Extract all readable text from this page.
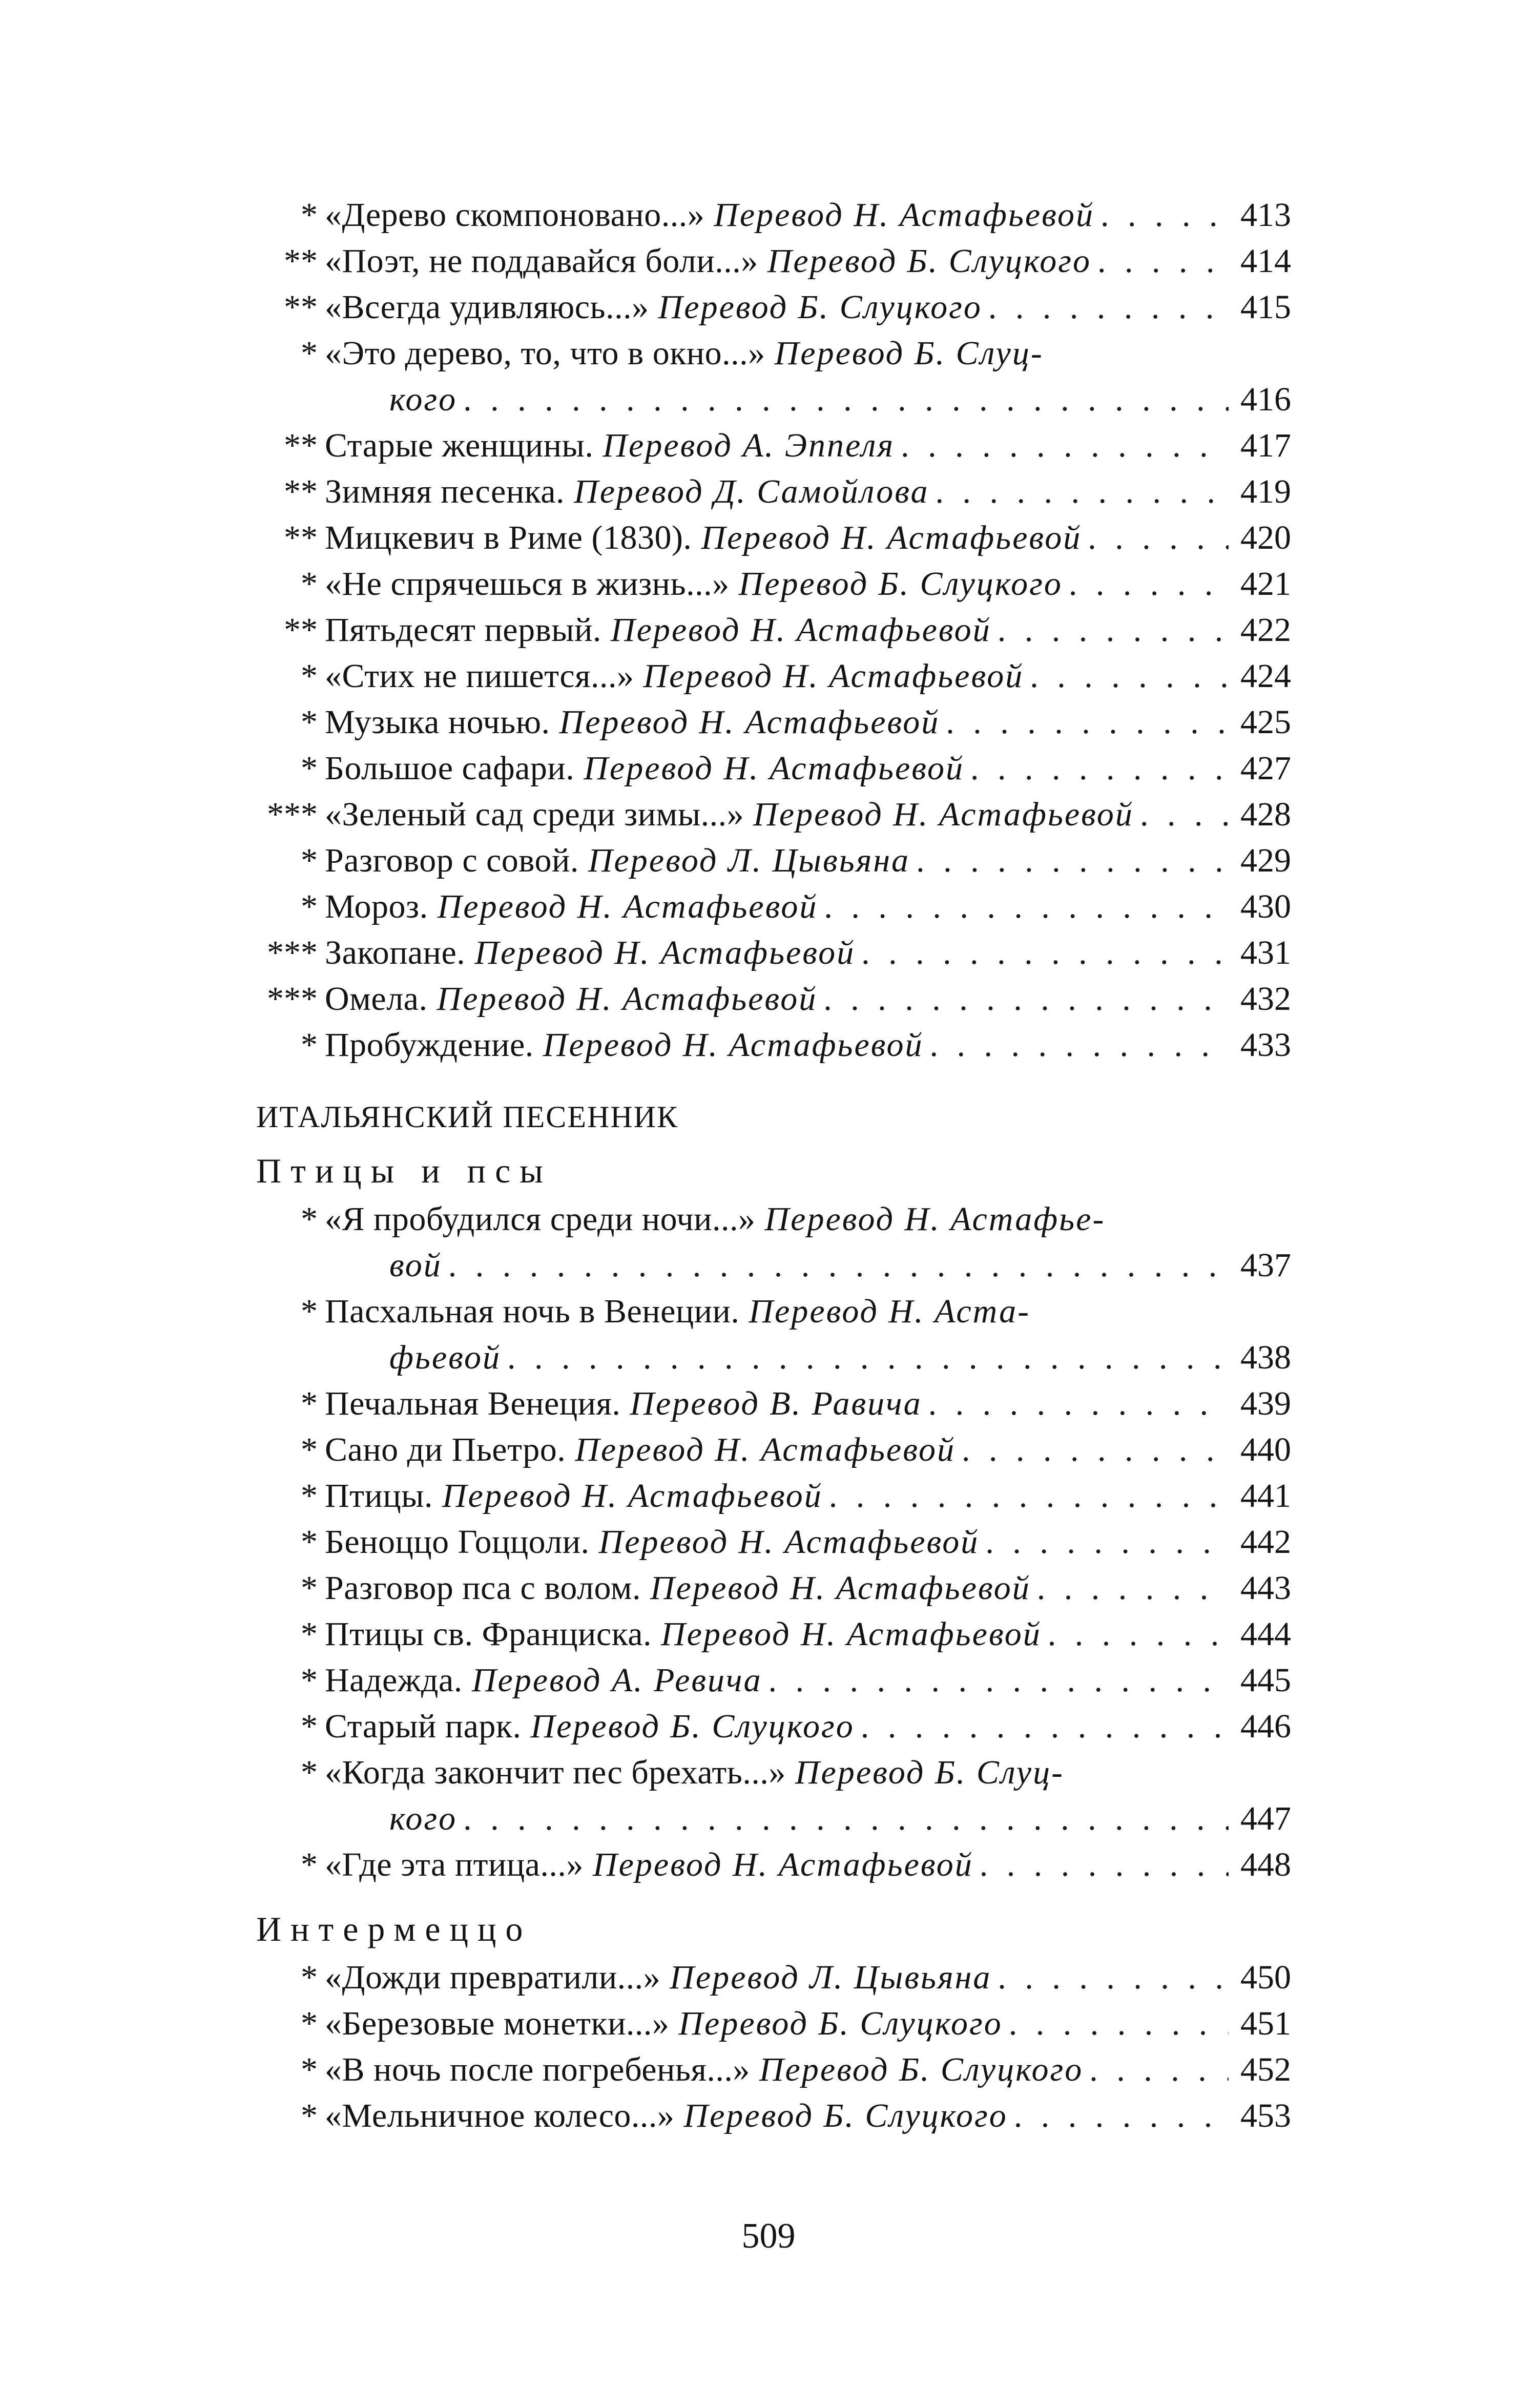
* «Дерево скомпоновано...» Перевод Н. Астафьевой . . .	413
** «Поэт, не поддавайся боли...» Перевод Б. Слуцкого . . .	414
** «Всегда удивляюсь...» Перевод Б. Слуцкого . . .	415
* «Это дерево, то, что в окно...» Перевод Б. Слуц-
кого . . .	416
** Старые женщины. Перевод А. Эппеля . . .	417
** Зимняя песенка. Перевод Д. Самойлова . . .	419
** Мицкевич в Риме (1830). Перевод Н. Астафьевой . . .	420
* «Не спрячешься в жизнь...» Перевод Б. Слуцкого . . .	421
** Пятьдесят первый. Перевод Н. Астафьевой . . .	422
* «Стих не пишется...» Перевод Н. Астафьевой . . .	424
* Музыка ночью. Перевод Н. Астафьевой . . .	425
* Большое сафари. Перевод Н. Астафьевой . . .	427
*** «Зеленый сад среди зимы...» Перевод Н. Астафьевой . . .	428
* Разговор с совой. Перевод Л. Цывьяна . . .	429
* Мороз. Перевод Н. Астафьевой . . .	430
*** Закопане. Перевод Н. Астафьевой . . .	431
*** Омела. Перевод Н. Астафьевой . . .	432
* Пробуждение. Перевод Н. Астафьевой . . .	433
ИТАЛЬЯНСКИЙ ПЕСЕННИК
Птицы и псы
* «Я пробудился среди ночи...» Перевод Н. Астафье-
вой . . .	437
* Пасхальная ночь в Венеции. Перевод Н. Аста-
фьевой . . .	438
* Печальная Венеция. Перевод В. Равича . . .	439
* Сано ди Пьетро. Перевод Н. Астафьевой . . .	440
* Птицы. Перевод Н. Астафьевой . . .	441
* Беноццо Гоццоли. Перевод Н. Астафьевой . . .	442
* Разговор пса с волом. Перевод Н. Астафьевой . . .	443
* Птицы св. Франциска. Перевод Н. Астафьевой . . .	444
* Надежда. Перевод А. Ревича . . .	445
* Старый парк. Перевод Б. Слуцкого . . .	446
* «Когда закончит пес брехать...» Перевод Б. Слуц-
кого . . .	447
* «Где эта птица...» Перевод Н. Астафьевой . . .	448
Интермеццо
* «Дожди превратили...» Перевод Л. Цывьяна . . .	450
* «Березовые монетки...» Перевод Б. Слуцкого . . .	451
* «В ночь после погребенья...» Перевод Б. Слуцкого . . .	452
* «Мельничное колесо...» Перевод Б. Слуцкого . . .	453
509
